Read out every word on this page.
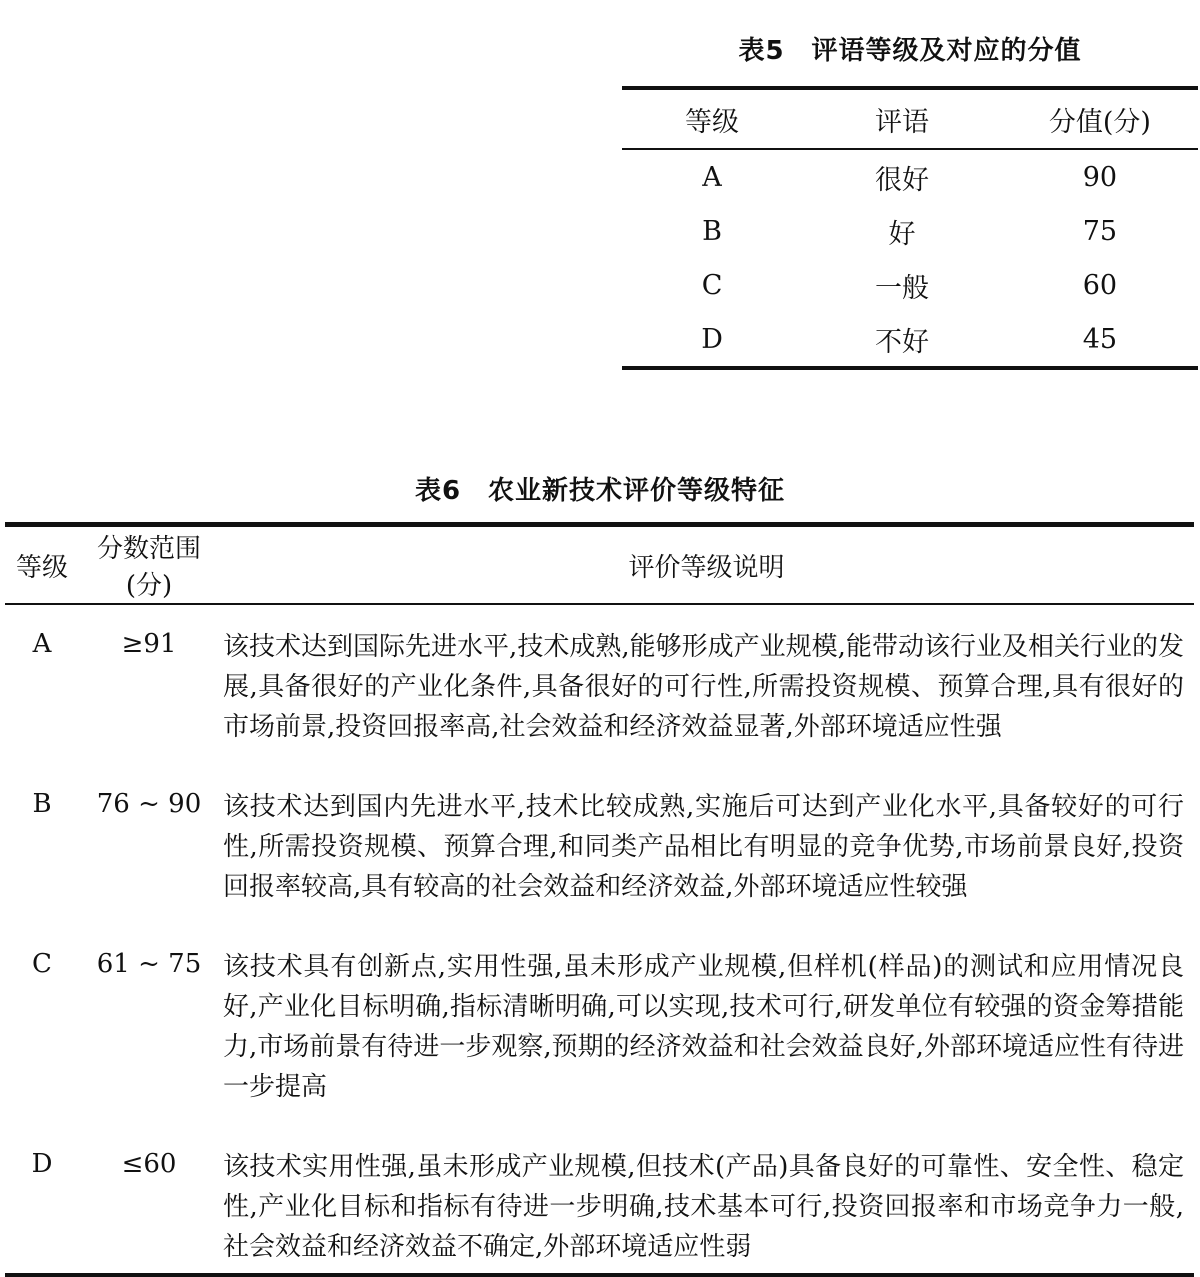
表5　评语等级及对应的分值
等级	评语	分值(分)
A	很好	90
B	好	75
C	一般	60
D	不好	45
表6　农业新技术评价等级特征
等级	分数范围(分)	评价等级说明
A	≥91	该技术达到国际先进水平,技术成熟,能够形成产业规模,能带动该行业及相关行业的发展,具备很好的产业化条件,具备很好的可行性,所需投资规模、预算合理,具有很好的市场前景,投资回报率高,社会效益和经济效益显著,外部环境适应性强
B	76 ~ 90	该技术达到国内先进水平,技术比较成熟,实施后可达到产业化水平,具备较好的可行性,所需投资规模、预算合理,和同类产品相比有明显的竞争优势,市场前景良好,投资回报率较高,具有较高的社会效益和经济效益,外部环境适应性较强
C	61 ~ 75	该技术具有创新点,实用性强,虽未形成产业规模,但样机(样品)的测试和应用情况良好,产业化目标明确,指标清晰明确,可以实现,技术可行,研发单位有较强的资金筹措能力,市场前景有待进一步观察,预期的经济效益和社会效益良好,外部环境适应性有待进一步提高
D	≤60	该技术实用性强,虽未形成产业规模,但技术(产品)具备良好的可靠性、安全性、稳定性,产业化目标和指标有待进一步明确,技术基本可行,投资回报率和市场竞争力一般,社会效益和经济效益不确定,外部环境适应性弱
